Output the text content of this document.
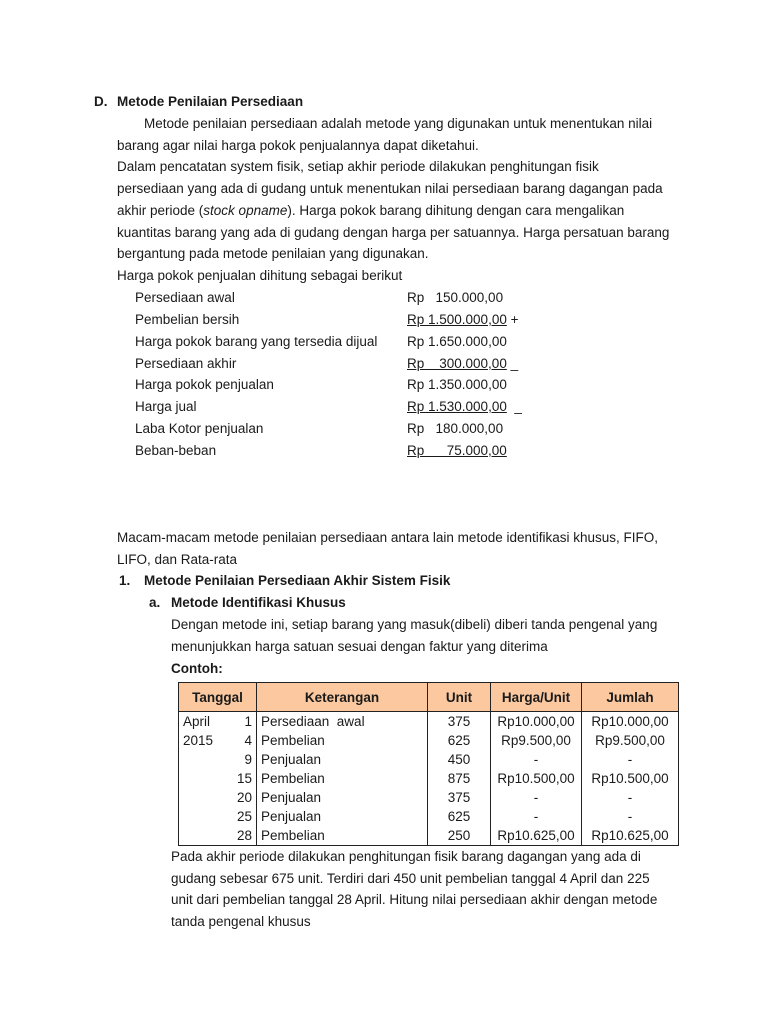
D. Metode Penilaian Persediaan
Metode penilaian persediaan adalah metode yang digunakan untuk menentukan nilai
barang agar nilai harga pokok penjualannya dapat diketahui.
Dalam pencatatan system fisik, setiap akhir periode dilakukan penghitungan fisik
persediaan yang ada di gudang untuk menentukan nilai persediaan barang dagangan pada
akhir periode (stock opname). Harga pokok barang dihitung dengan cara mengalikan
kuantitas barang yang ada di gudang dengan harga per satuannya. Harga persatuan barang
bergantung pada metode penilaian yang digunakan.
Harga pokok penjualan dihitung sebagai berikut
Persediaan awal	Rp   150.000,00
Pembelian bersih	Rp 1.500.000,00 +
Harga pokok barang yang tersedia dijual Rp 1.650.000,00
Persediaan akhir	Rp    300.000,00 _
Harga pokok penjualan	Rp 1.350.000,00
Harga jual	Rp 1.530.000,00  _
Laba Kotor penjualan	Rp   180.000,00
Beban-beban	Rp      75.000,00
Macam-macam metode penilaian persediaan antara lain metode identifikasi khusus, FIFO,
LIFO, dan Rata-rata
1. Metode Penilaian Persediaan Akhir Sistem Fisik
a. Metode Identifikasi Khusus
Dengan metode ini, setiap barang yang masuk(dibeli) diberi tanda pengenal yang
menunjukkan harga satuan sesuai dengan faktur yang diterima
Contoh:
Tanggal	Keterangan	Unit	Harga/Unit	Jumlah

April 1	Persediaan  awal	375	Rp10.000,00	Rp10.000,00

2015 4	Pembelian	625	Rp9.500,00	Rp9.500,00

9	Penjualan	450	-	-

15	Pembelian	875	Rp10.500,00	Rp10.500,00

20	Penjualan	375	-	-

25	Penjualan	625	-	-

28	Pembelian	250	Rp10.625,00	Rp10.625,00
Pada akhir periode dilakukan penghitungan fisik barang dagangan yang ada di
gudang sebesar 675 unit. Terdiri dari 450 unit pembelian tanggal 4 April dan 225
unit dari pembelian tanggal 28 April. Hitung nilai persediaan akhir dengan metode
tanda pengenal khusus
